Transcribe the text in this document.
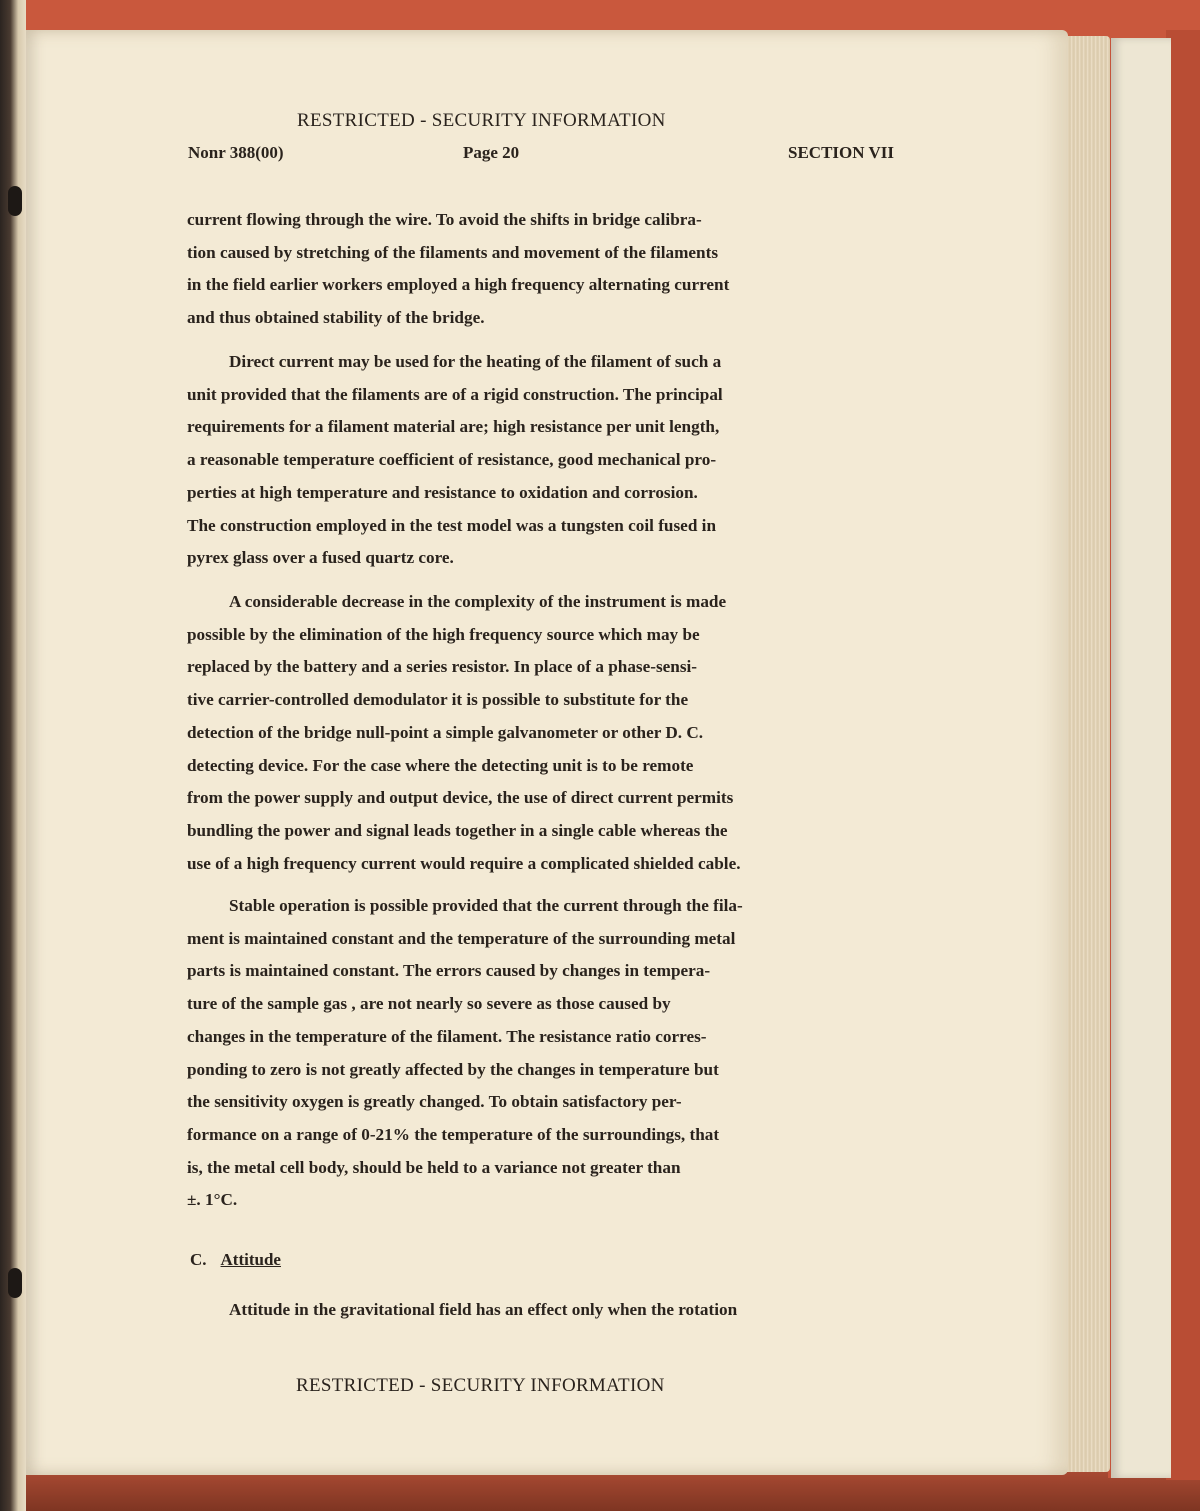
RESTRICTED - SECURITY INFORMATION
Nonr 388(00)	Page 20	SECTION VII
current flowing through the wire. To avoid the shifts in bridge calibra-
tion caused by stretching of the filaments and movement of the filaments
in the field earlier workers employed a high frequency alternating current
and thus obtained stability of the bridge.
Direct current may be used for the heating of the filament of such a
unit provided that the filaments are of a rigid construction. The principal
requirements for a filament material are; high resistance per unit length,
a reasonable temperature coefficient of resistance, good mechanical pro-
perties at high temperature and resistance to oxidation and corrosion.
The construction employed in the test model was a tungsten coil fused in
pyrex glass over a fused quartz core.
A considerable decrease in the complexity of the instrument is made
possible by the elimination of the high frequency source which may be
replaced by the battery and a series resistor. In place of a phase-sensi-
tive carrier-controlled demodulator it is possible to substitute for the
detection of the bridge null-point a simple galvanometer or other D. C.
detecting device. For the case where the detecting unit is to be remote
from the power supply and output device, the use of direct current permits
bundling the power and signal leads together in a single cable whereas the
use of a high frequency current would require a complicated shielded cable.
Stable operation is possible provided that the current through the fila-
ment is maintained constant and the temperature of the surrounding metal
parts is maintained constant. The errors caused by changes in tempera-
ture of the sample gas , are not nearly so severe as those caused by
changes in the temperature of the filament. The resistance ratio corres-
ponding to zero is not greatly affected by the changes in temperature but
the sensitivity oxygen is greatly changed. To obtain satisfactory per-
formance on a range of 0-21% the temperature of the surroundings, that
is, the metal cell body, should be held to a variance not greater than
±. 1°C.
C. Attitude
Attitude in the gravitational field has an effect only when the rotation
RESTRICTED - SECURITY INFORMATION
